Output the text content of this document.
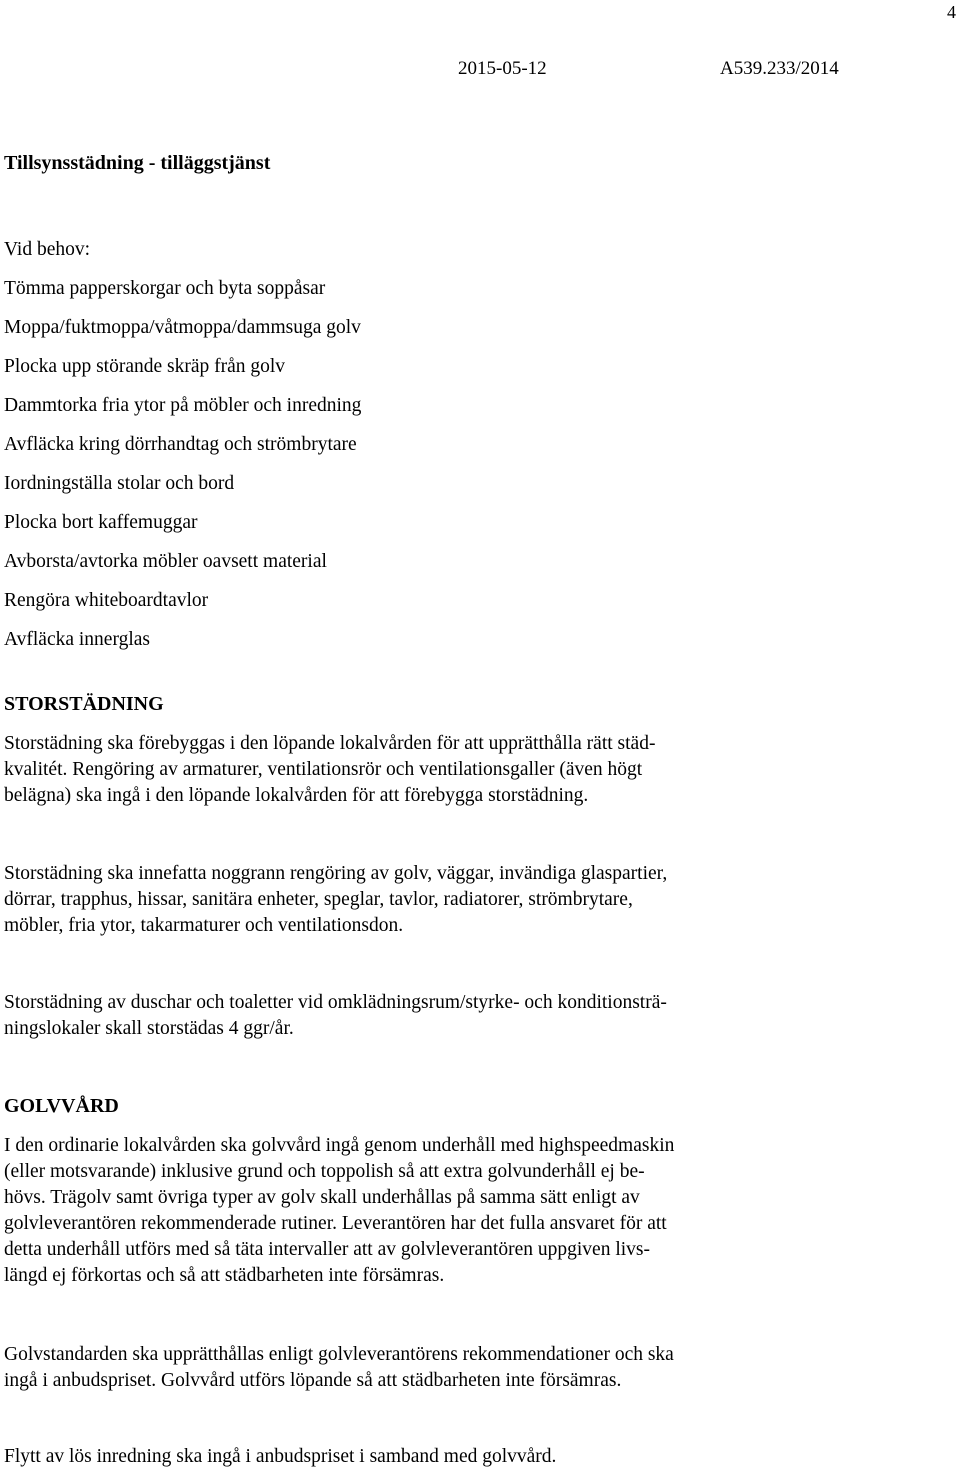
4
2015-05-12	A539.233/2014
Tillsynsstädning - tilläggstjänst
Vid behov:
Tömma papperskorgar och byta soppåsar
Moppa/fuktmoppa/våtmoppa/dammsuga golv
Plocka upp störande skräp från golv
Dammtorka fria ytor på möbler och inredning
Avfläcka kring dörrhandtag och strömbrytare
Iordningställa stolar och bord
Plocka bort kaffemuggar
Avborsta/avtorka möbler oavsett material
Rengöra whiteboardtavlor
Avfläcka innerglas
STORSTÄDNING

Storstädning ska förebyggas i den löpande lokalvården för att upprätthålla rätt städ-
kvalitét. Rengöring av armaturer, ventilationsrör och ventilationsgaller (även högt
belägna) ska ingå i den löpande lokalvården för att förebygga storstädning.

Storstädning ska innefatta noggrann rengöring av golv, väggar, invändiga glaspartier,
dörrar, trapphus, hissar, sanitära enheter, speglar, tavlor, radiatorer, strömbrytare,
möbler, fria ytor, takarmaturer och ventilationsdon.

Storstädning av duschar och toaletter vid omklädningsrum/styrke- och konditionsträ-
ningslokaler skall storstädas 4 ggr/år.

GOLVVÅRD

I den ordinarie lokalvården ska golvvård ingå genom underhåll med highspeedmaskin
(eller motsvarande) inklusive grund och toppolish så att extra golvunderhåll ej be-
hövs. Trägolv samt övriga typer av golv skall underhållas på samma sätt enligt av
golvleverantören rekommenderade rutiner. Leverantören har det fulla ansvaret för att
detta underhåll utförs med så täta intervaller att av golvleverantören uppgiven livs-
längd ej förkortas och så att städbarheten inte försämras.

Golvstandarden ska upprätthållas enligt golvleverantörens rekommendationer och ska
ingå i anbudspriset. Golvvård utförs löpande så att städbarheten inte försämras.

Flytt av lös inredning ska ingå i anbudspriset i samband med golvvård.
